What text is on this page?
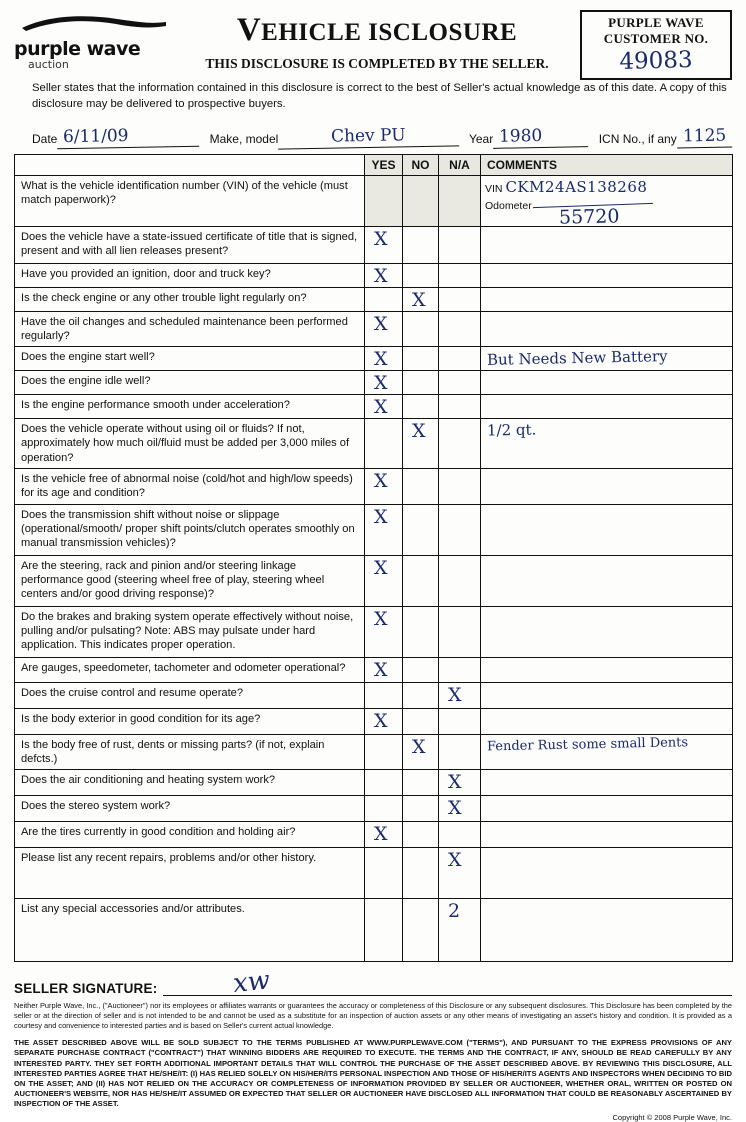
purple wave
auction
VEHICLE ISCLOSURE
THIS DISCLOSURE IS COMPLETED BY THE SELLER.
PURPLE WAVE
CUSTOMER NO.
49083
Seller states that the information contained in this disclosure is correct to the best of Seller's actual knowledge as of this date. A copy of this disclosure may be delivered to prospective buyers.
Date 6/11/09	Make, model	Chev PU	Year 1980	ICN No., if any 1125
	YES	NO	N/A	COMMENTS
What is the vehicle identification number (VIN) of the vehicle (must match paperwork)?				VIN CKM24AS138268
Odometer 55720

Does the vehicle have a state-issued certificate of title that is signed, present and with all lien releases present?	X			

Have you provided an ignition, door and truck key?	X			

Is the check engine or any other trouble light regularly on?		X		

Have the oil changes and scheduled maintenance been performed regularly?	X			

Does the engine start well?	X			But Needs New Battery

Does the engine idle well?	X			

Is the engine performance smooth under acceleration?	X			

Does the vehicle operate without using oil or fluids? If not, approximately how much oil/fluid must be added per 3,000 miles of operation?		X		1/2 qt.

Is the vehicle free of abnormal noise (cold/hot and high/low speeds) for its age and condition?	X			

Does the transmission shift without noise or slippage (operational/smooth/ proper shift points/clutch operates smoothly on manual transmission vehicles)?	X			

Are the steering, rack and pinion and/or steering linkage performance good (steering wheel free of play, steering wheel centers and/or good driving response)?	X			

Do the brakes and braking system operate effectively without noise, pulling and/or pulsating? Note: ABS may pulsate under hard application. This indicates proper operation.	X			

Are gauges, speedometer, tachometer and odometer operational?	X			

Does the cruise control and resume operate?			X	

Is the body exterior in good condition for its age?	X			

Is the body free of rust, dents or missing parts? (if not, explain defcts.)		X		Fender Rust some small Dents

Does the air conditioning and heating system work?			X	

Does the stereo system work?			X	

Are the tires currently in good condition and holding air?	X			

Please list any recent repairs, problems and/or other history.			X	

List any special accessories and/or attributes.			2	

SELLER SIGNATURE:	xw 
Neither Purple Wave, Inc., ("Auctioneer") nor its employees or affiliates warrants or guarantees the accuracy or completeness of this Disclosure or any subsequent disclosures. This Disclosure has been completed by the seller or at the direction of seller and is not intended to be and cannot be used as a substitute for an inspection of auction assets or any other means of investigating an asset's history and condition. It is provided as a courtesy and convenience to interested parties and is based on Seller's current actual knowledge.
THE ASSET DESCRIBED ABOVE WILL BE SOLD SUBJECT TO THE TERMS PUBLISHED AT WWW.PURPLEWAVE.COM ("TERMS"), AND PURSUANT TO THE EXPRESS PROVISIONS OF ANY SEPARATE PURCHASE CONTRACT ("CONTRACT") THAT WINNING BIDDERS ARE REQUIRED TO EXECUTE. THE TERMS AND THE CONTRACT, IF ANY, SHOULD BE READ CAREFULLY BY ANY INTERESTED PARTY. THEY SET FORTH ADDITIONAL IMPORTANT DETAILS THAT WILL CONTROL THE PURCHASE OF THE ASSET DESCRIBED ABOVE. BY REVIEWING THIS DISCLOSURE, ALL INTERESTED PARTIES AGREE THAT HE/SHE/IT: (I) HAS RELIED SOLELY ON HIS/HER/ITS PERSONAL INSPECTION AND THOSE OF HIS/HER/ITS AGENTS AND INSPECTORS WHEN DECIDING TO BID ON THE ASSET; AND (II) HAS NOT RELIED ON THE ACCURACY OR COMPLETENESS OF INFORMATION PROVIDED BY SELLER OR AUCTIONEER, WHETHER ORAL, WRITTEN OR POSTED ON AUCTIONEER'S WEBSITE, NOR HAS HE/SHE/IT ASSUMED OR EXPECTED THAT SELLER OR AUCTIONEER HAVE DISCLOSED ALL INFORMATION THAT COULD BE REASONABLY ASCERTAINED BY INSPECTION OF THE ASSET.
Copyright © 2008 Purple Wave, Inc.
